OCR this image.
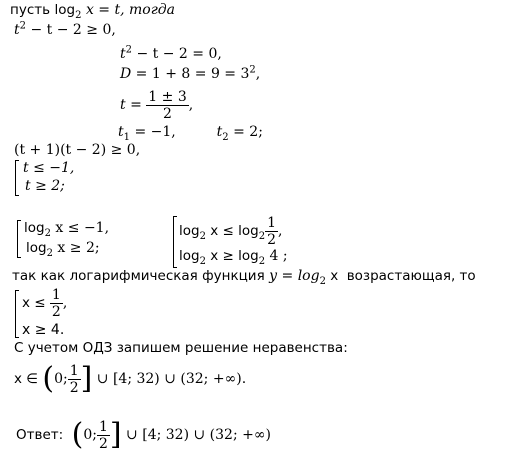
пусть $\log_2 x = t$, тогда
$t^2 - t - 2 \ge 0$,
$t^2 - t - 2 = 0$,
$D = 1 + 8 = 9 = 3^2$,
$t = \frac{1 \pm 3}{2}$ ,
$t_1 = -1$,	$t_2 = 2$;
(t + 1)(t − 2) ≥ 0,
t ≤ −1,
t ≥ 2;
$\log_2 x \le -1$,
$\log_2 x \ge 2$;
$\log_2 x \le \log_2 \frac{1}{2}$ ,
$\log_2 x \ge \log_2 4$ ;
так как логарифмическая функция $y = \log_2 x$ возрастающая, то
$x \le \frac{1}{2}$ ,
x ≥ 4.
С учетом ОДЗ запишем решение неравенства:
x ∈ (0; $\frac{1}{2}$ ] ∪ [4; 32) ∪ (32; +∞).
Ответ: (0; $\frac{1}{2}$ ] ∪ [4; 32) ∪ (32; +∞)
